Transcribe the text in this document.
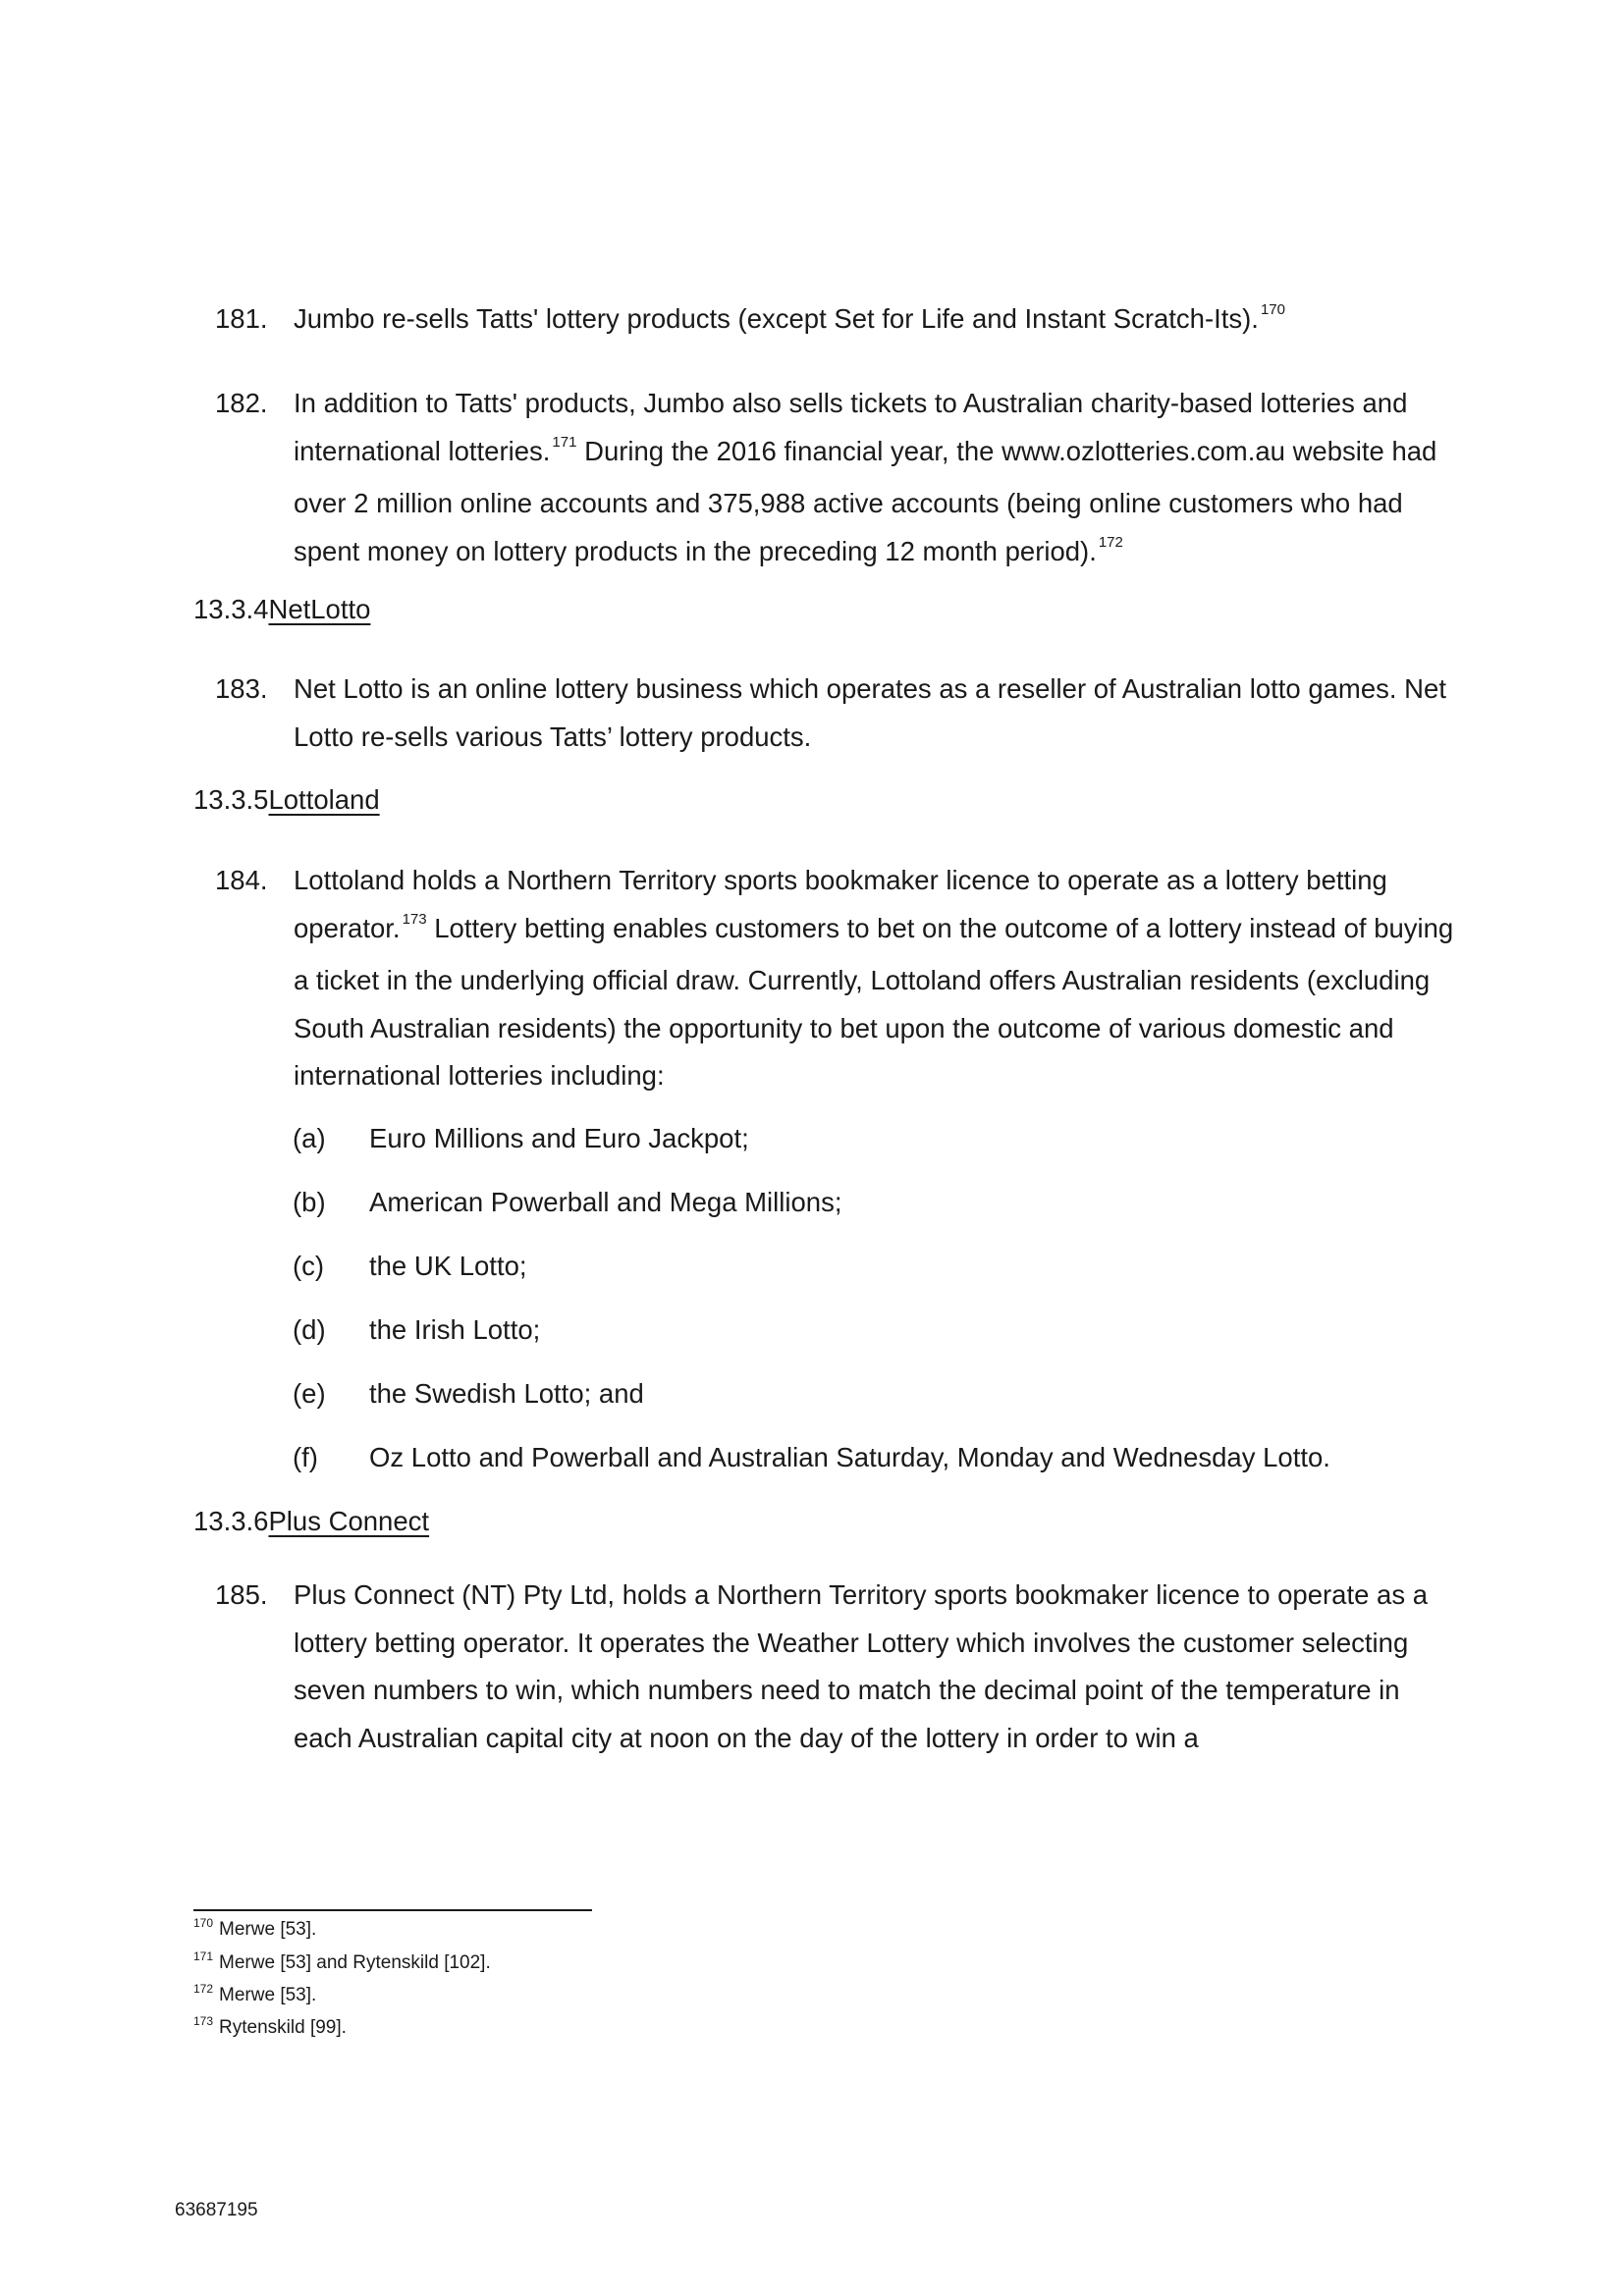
181. Jumbo re-sells Tatts' lottery products (except Set for Life and Instant Scratch-Its). $^{170}$
182. In addition to Tatts' products, Jumbo also sells tickets to Australian charity-based lotteries and international lotteries. $^{171}$ During the 2016 financial year, the www.ozlotteries.com.au website had over 2 million online accounts and 375,988 active accounts (being online customers who had spent money on lottery products in the preceding 12 month period). $^{172}$
13.3.4NetLotto
183. Net Lotto is an online lottery business which operates as a reseller of Australian lotto games. Net Lotto re-sells various Tatts’ lottery products.
13.3.5Lottoland
184. Lottoland holds a Northern Territory sports bookmaker licence to operate as a lottery betting operator. $^{173}$ Lottery betting enables customers to bet on the outcome of a lottery instead of buying a ticket in the underlying official draw. Currently, Lottoland offers Australian residents (excluding South Australian residents) the opportunity to bet upon the outcome of various domestic and international lotteries including:
(a) Euro Millions and Euro Jackpot;
(b) American Powerball and Mega Millions;
(c) the UK Lotto;
(d) the Irish Lotto;
(e) the Swedish Lotto; and
(f) Oz Lotto and Powerball and Australian Saturday, Monday and Wednesday Lotto.
13.3.6Plus Connect
185. Plus Connect (NT) Pty Ltd, holds a Northern Territory sports bookmaker licence to operate as a lottery betting operator. It operates the Weather Lottery which involves the customer selecting seven numbers to win, which numbers need to match the decimal point of the temperature in each Australian capital city at noon on the day of the lottery in order to win a
$^{170}$ Merwe [53].
$^{171}$ Merwe [53] and Rytenskild [102].
$^{172}$ Merwe [53].
$^{173}$ Rytenskild [99].
63687195
